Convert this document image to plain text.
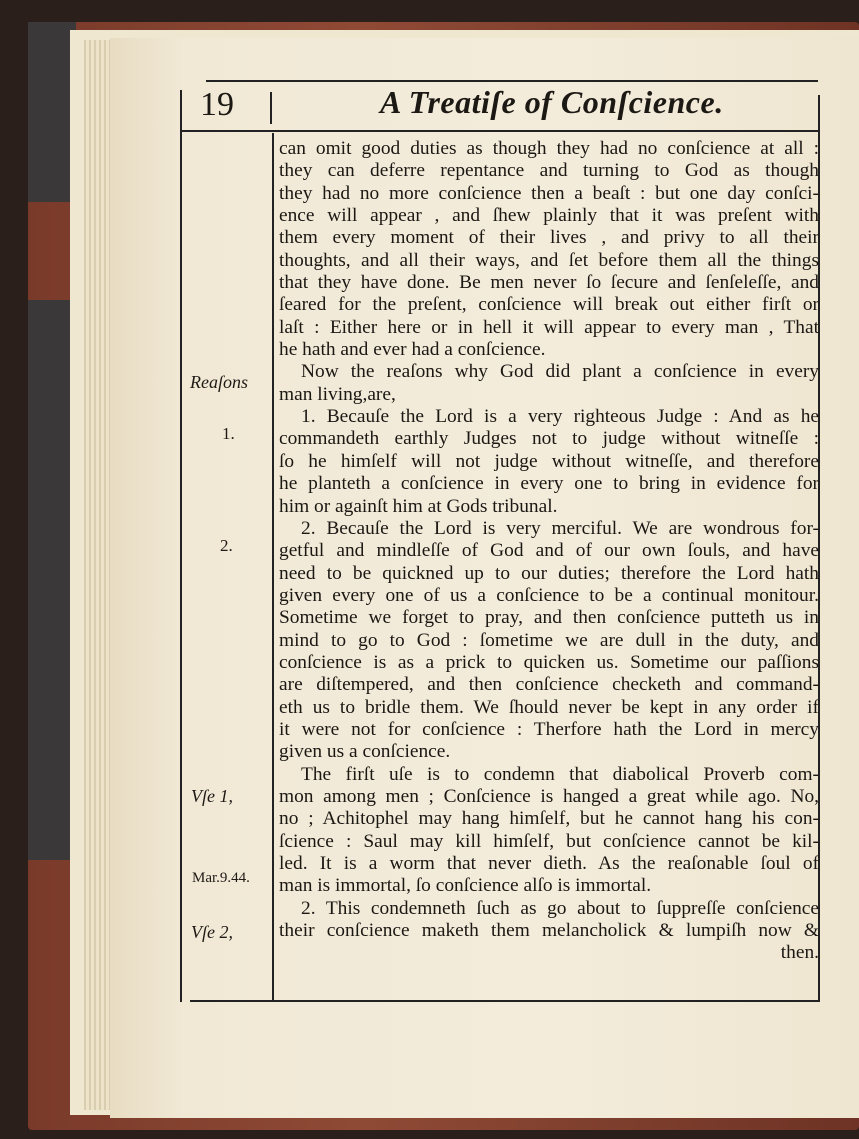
19	A Treatiſe of Conſcience.
Reaſons
1.
2.
Vſe 1,
Mar.9.44.
Vſe 2,
can omit good duties as though they had no conſcience at all :
they can deferre repentance and turning to God as though
they had no more conſcience then a beaſt : but one day conſci-
ence will appear , and ſhew plainly that it was preſent with
them every moment of their lives , and privy to all their
thoughts, and all their ways, and ſet before them all the things
that they have done. Be men never ſo ſecure and ſenſeleſſe, and
ſeared for the preſent, conſcience will break out either firſt or
laſt : Either here or in hell it will appear to every man , That
he hath and ever had a conſcience.
Now the reaſons why God did plant a conſcience in every
man living,are,
1. Becauſe the Lord is a very righteous Judge : And as he
commandeth earthly Judges not to judge without witneſſe :
ſo he himſelf will not judge without witneſſe, and therefore
he planteth a conſcience in every one to bring in evidence for
him or againſt him at Gods tribunal.
2. Becauſe the Lord is very merciful. We are wondrous for-
getful and mindleſſe of God and of our own ſouls, and have
need to be quickned up to our duties; therefore the Lord hath
given every one of us a conſcience to be a continual monitour.
Sometime we forget to pray, and then conſcience putteth us in
mind to go to God : ſometime we are dull in the duty, and
conſcience is as a prick to quicken us. Sometime our paſſions
are diſtempered, and then conſcience checketh and command-
eth us to bridle them. We ſhould never be kept in any order if
it were not for conſcience : Therfore hath the Lord in mercy
given us a conſcience.
The firſt uſe is to condemn that diabolical Proverb com-
mon among men ; Conſcience is hanged a great while ago. No,
no ; Achitophel may hang himſelf, but he cannot hang his con-
ſcience : Saul may kill himſelf, but conſcience cannot be kil-
led. It is a worm that never dieth. As the reaſonable ſoul of
man is immortal, ſo conſcience alſo is immortal.
2. This condemneth ſuch as go about to ſuppreſſe conſcience
their conſcience maketh them melancholick & lumpiſh now &
then.
